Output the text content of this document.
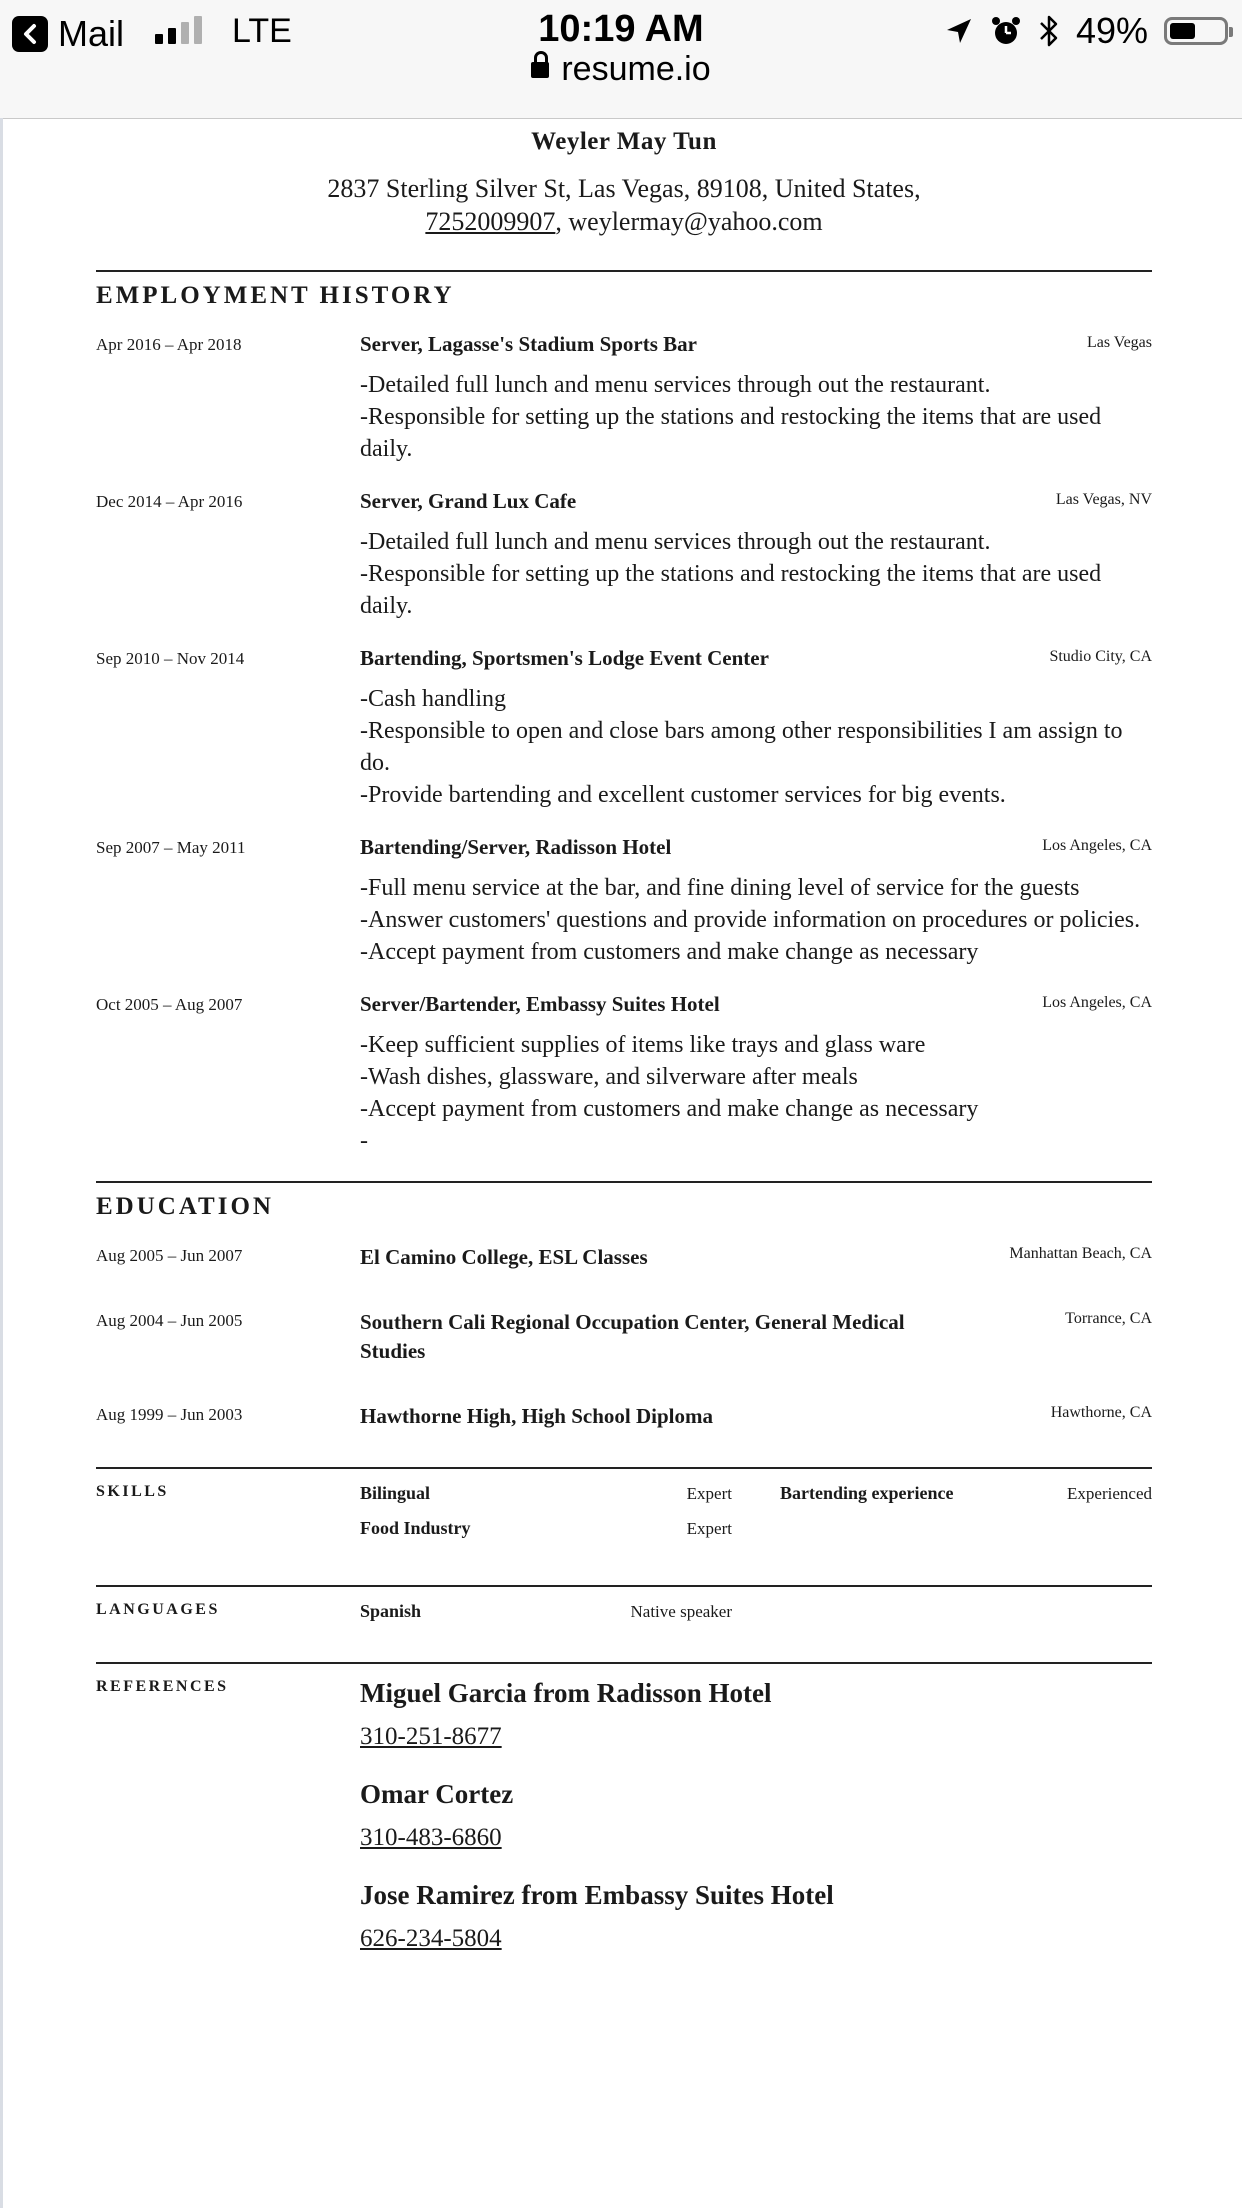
Mail	LTE	10:19 AM
resume.io
49%
Weyler May Tun
2837 Sterling Silver St, Las Vegas, 89108, United States,
7252009907, weylermay@yahoo.com
EMPLOYMENT HISTORY
Apr 2016 – Apr 2018	Server, Lagasse's Stadium Sports Bar	Las Vegas
-Detailed full lunch and menu services through out the restaurant.
-Responsible for setting up the stations and restocking the items that are used daily.
Dec 2014 – Apr 2016	Server, Grand Lux Cafe	Las Vegas, NV
-Detailed full lunch and menu services through out the restaurant.
-Responsible for setting up the stations and restocking the items that are used daily.
Sep 2010 – Nov 2014	Bartending, Sportsmen's Lodge Event Center	Studio City, CA
-Cash handling
-Responsible to open and close bars among other responsibilities I am assign to do.
-Provide bartending and excellent customer services for big events.
Sep 2007 – May 2011	Bartending/Server, Radisson Hotel	Los Angeles, CA
-Full menu service at the bar, and fine dining level of service for the guests
-Answer customers' questions and provide information on procedures or policies.
-Accept payment from customers and make change as necessary
Oct 2005 – Aug 2007	Server/Bartender, Embassy Suites Hotel	Los Angeles, CA
-Keep sufficient supplies of items like trays and glass ware
-Wash dishes, glassware, and silverware after meals
-Accept payment from customers and make change as necessary
-
EDUCATION
Aug 2005 – Jun 2007	El Camino College, ESL Classes	Manhattan Beach, CA
Aug 2004 – Jun 2005	Southern Cali Regional Occupation Center, General Medical Studies
Torrance, CA
Aug 1999 – Jun 2003	Hawthorne High, High School Diploma	Hawthorne, CA
SKILLS	Bilingual	Expert	Bartending experience	Experienced
Food Industry	Expert
LANGUAGES	Spanish	Native speaker
REFERENCES	Miguel Garcia from Radisson Hotel
310-251-8677
Omar Cortez
310-483-6860
Jose Ramirez from Embassy Suites Hotel
626-234-5804
